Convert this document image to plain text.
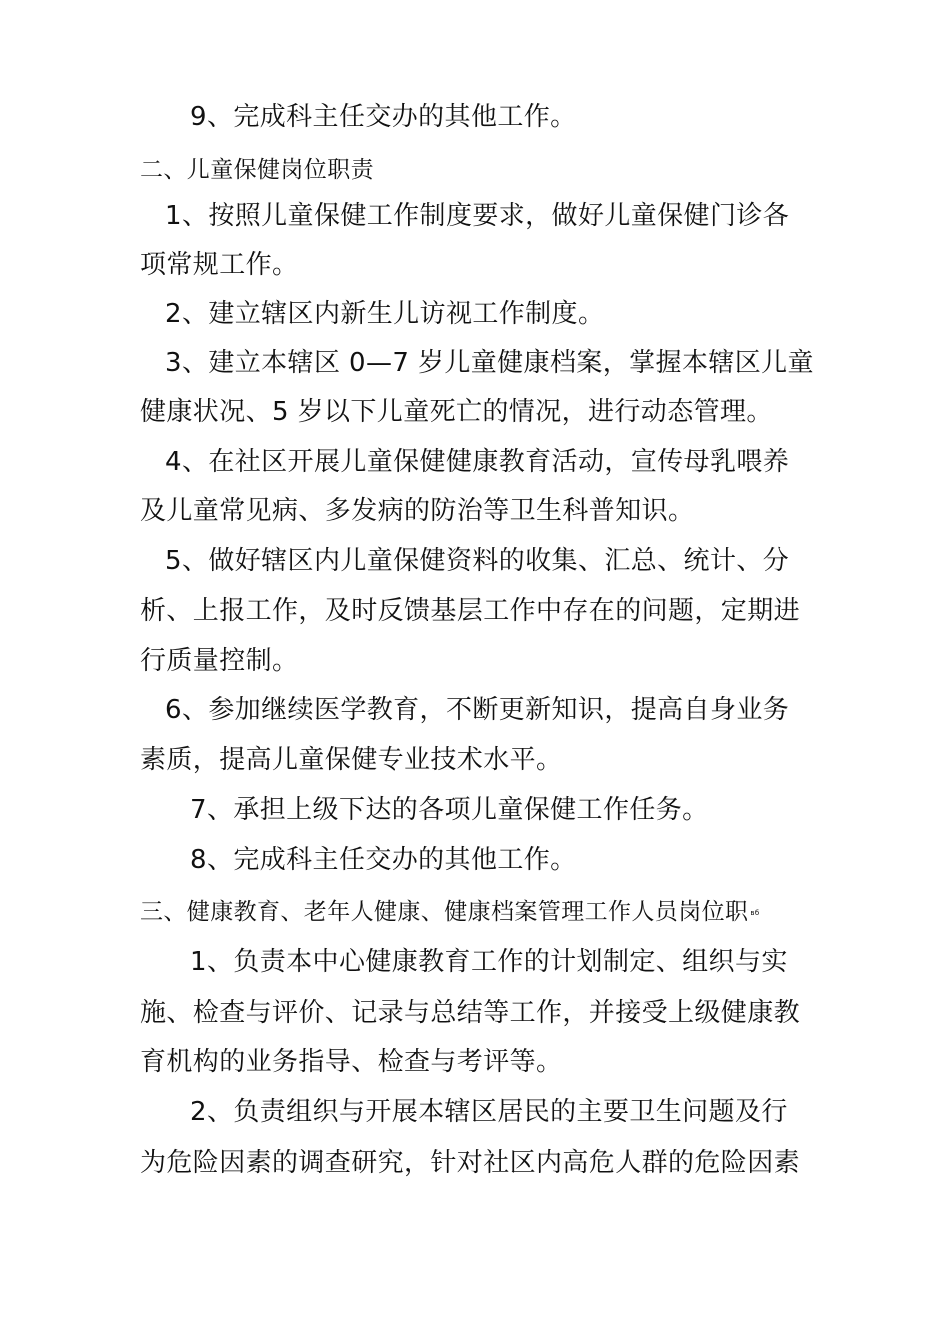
9、完成科主任交办的其他工作。
二、儿童保健岗位职责
1、按照儿童保健工作制度要求，做好儿童保健门诊各
项常规工作。
2、建立辖区内新生儿访视工作制度。
3、建立本辖区 0—7 岁儿童健康档案，掌握本辖区儿童
健康状况、5 岁以下儿童死亡的情况，进行动态管理。
4、在社区开展儿童保健健康教育活动，宣传母乳喂养
及儿童常见病、多发病的防治等卫生科普知识。
5、做好辖区内儿童保健资料的收集、汇总、统计、分
析、上报工作，及时反馈基层工作中存在的问题，定期进
行质量控制。
6、参加继续医学教育，不断更新知识，提高自身业务
素质，提高儿童保健专业技术水平。
7、承担上级下达的各项儿童保健工作任务。
8、完成科主任交办的其他工作。
三、健康教育、老年人健康、健康档案管理工作人员岗位职 вб
1、负责本中心健康教育工作的计划制定、组织与实
施、检查与评价、记录与总结等工作，并接受上级健康教
育机构的业务指导、检查与考评等。
2、负责组织与开展本辖区居民的主要卫生问题及行
为危险因素的调查研究，针对社区内高危人群的危险因素
